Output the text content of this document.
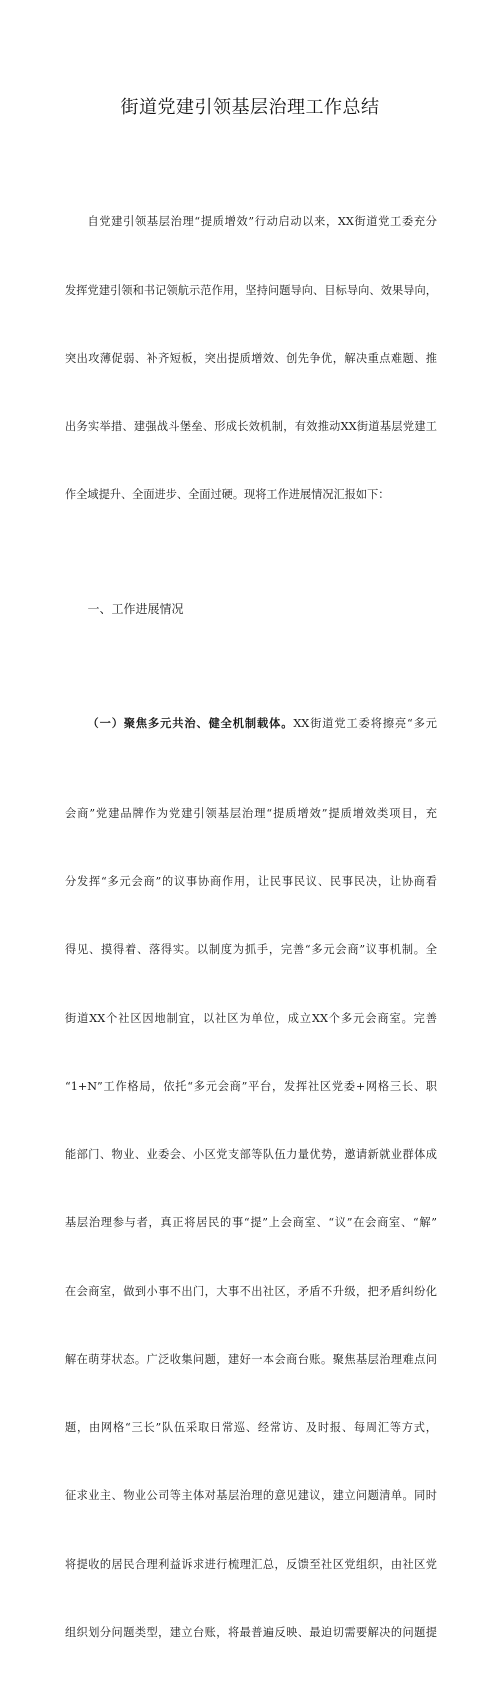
街道党建引领基层治理工作总结

自党建引领基层治理“提质增效”行动启动以来，XX街道党工委充分

发挥党建引领和书记领航示范作用，坚持问题导向、目标导向、效果导向，

突出攻薄促弱、补齐短板，突出提质增效、创先争优，解决重点难题、推

出务实举措、建强战斗堡垒、形成长效机制，有效推动XX街道基层党建工

作全域提升、全面进步、全面过硬。现将工作进展情况汇报如下：

一、工作进展情况

（一）聚焦多元共治、健全机制载体。XX街道党工委将擦亮“多元

会商”党建品牌作为党建引领基层治理“提质增效”提质增效类项目，充

分发挥“多元会商”的议事协商作用，让民事民议、民事民决，让协商看

得见、摸得着、落得实。以制度为抓手，完善“多元会商”议事机制。全

街道XX个社区因地制宜，以社区为单位，成立XX个多元会商室。完善

“1+N”工作格局，依托“多元会商”平台，发挥社区党委+网格三长、职

能部门、物业、业委会、小区党支部等队伍力量优势，邀请新就业群体成

基层治理参与者，真正将居民的事“提”上会商室、“议”在会商室、“解”

在会商室，做到小事不出门，大事不出社区，矛盾不升级，把矛盾纠纷化

解在萌芽状态。广泛收集问题，建好一本会商台账。聚焦基层治理难点问

题，由网格“三长”队伍采取日常巡、经常访、及时报、每周汇等方式，

征求业主、物业公司等主体对基层治理的意见建议，建立问题清单。同时

将提收的居民合理利益诉求进行梳理汇总，反馈至社区党组织，由社区党

组织划分问题类型，建立台账，将最普遍反映、最迫切需要解决的问题提
